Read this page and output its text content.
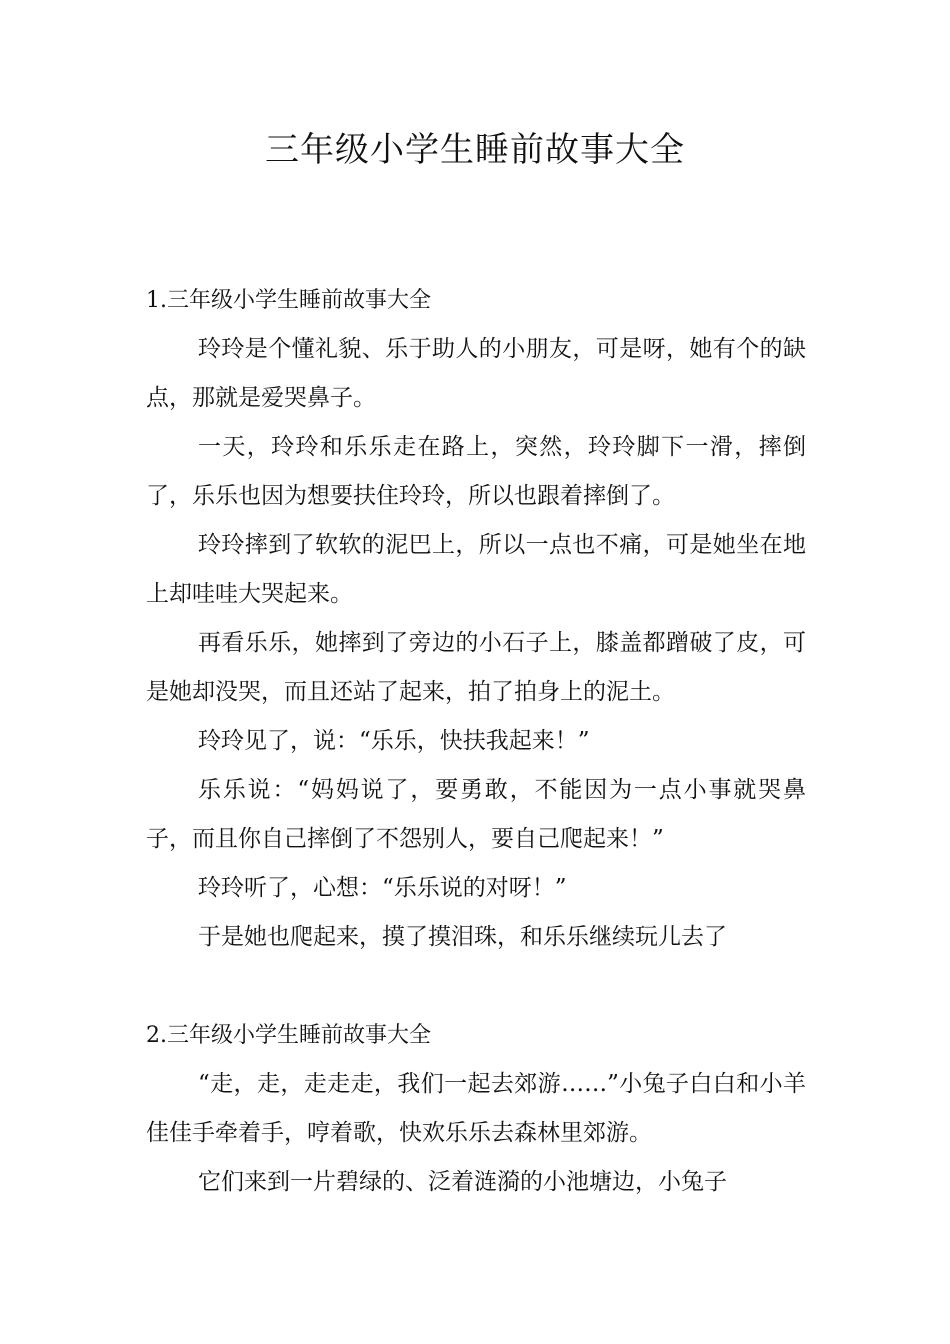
三年级小学生睡前故事大全
1.三年级小学生睡前故事大全

玲玲是个懂礼貌、乐于助人的小朋友，可是呀，她有个的缺点，那就是爱哭鼻子。

一天，玲玲和乐乐走在路上，突然，玲玲脚下一滑，摔倒了，乐乐也因为想要扶住玲玲，所以也跟着摔倒了。

玲玲摔到了软软的泥巴上，所以一点也不痛，可是她坐在地上却哇哇大哭起来。

再看乐乐，她摔到了旁边的小石子上，膝盖都蹭破了皮，可是她却没哭，而且还站了起来，拍了拍身上的泥土。

玲玲见了，说：“乐乐，快扶我起来！”

乐乐说：“妈妈说了，要勇敢，不能因为一点小事就哭鼻子，而且你自己摔倒了不怨别人，要自己爬起来！”

玲玲听了，心想：“乐乐说的对呀！”

于是她也爬起来，摸了摸泪珠，和乐乐继续玩儿去了

2.三年级小学生睡前故事大全

“走，走，走走走，我们一起去郊游……”小兔子白白和小羊佳佳手牵着手，哼着歌，快欢乐乐去森林里郊游。

它们来到一片碧绿的、泛着涟漪的小池塘边，小兔子
